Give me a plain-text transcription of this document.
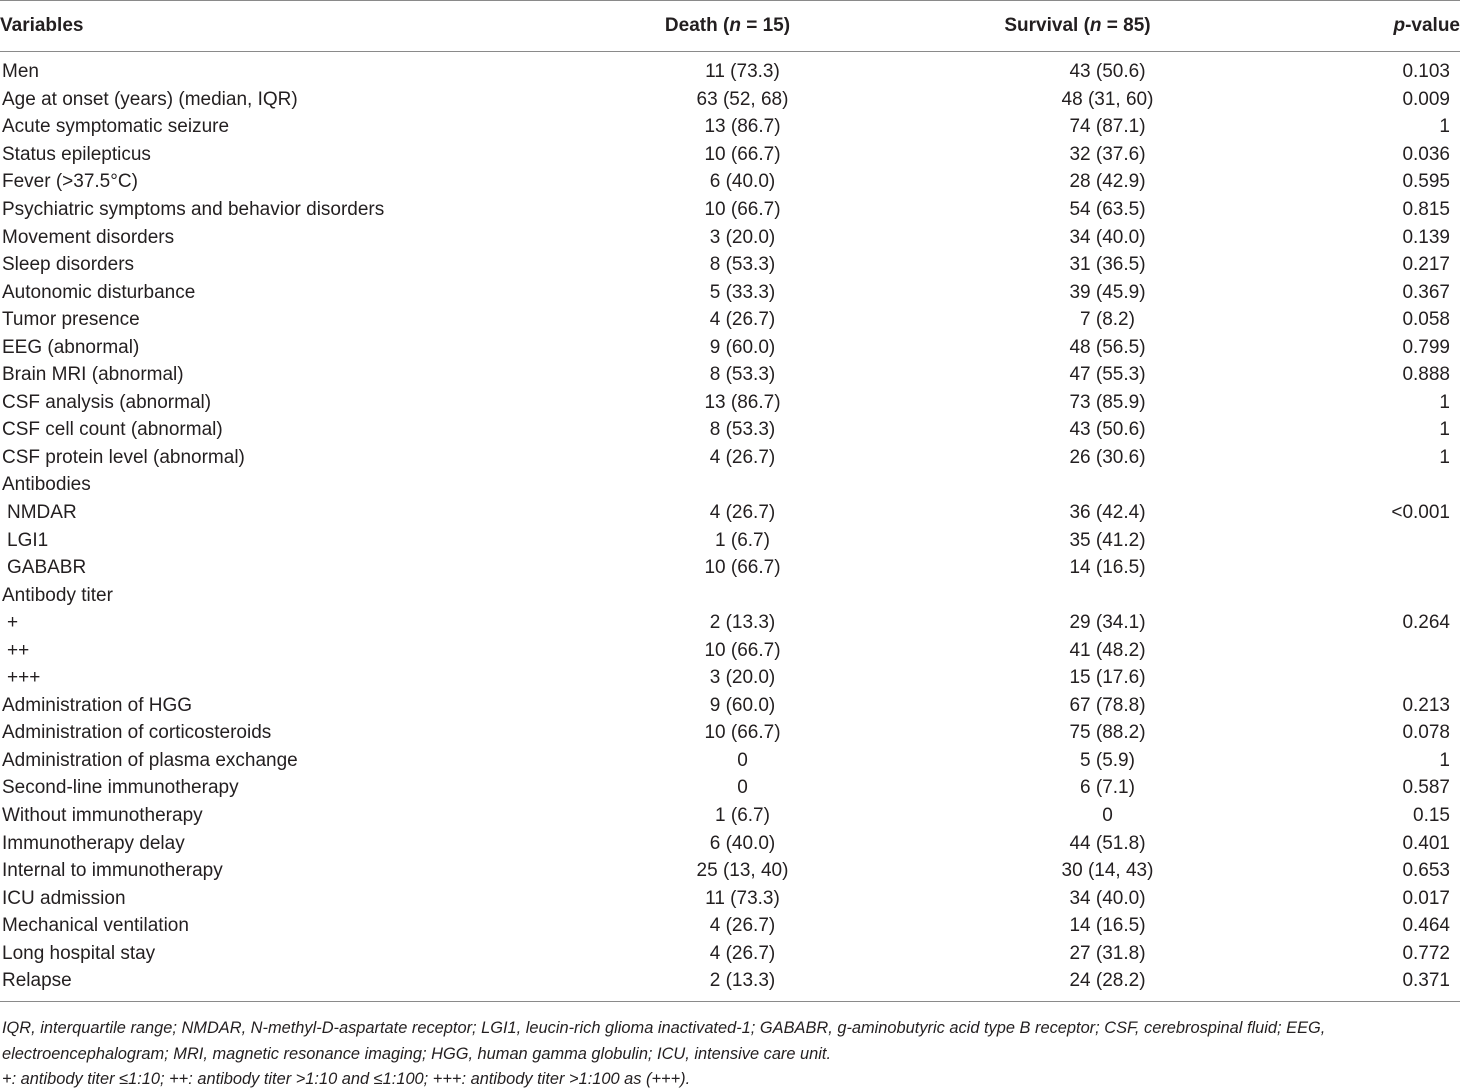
Variables	Death (n = 15)	Survival (n = 85)	p-value
Men	11 (73.3)	43 (50.6)	0.103
Age at onset (years) (median, IQR)	63 (52, 68)	48 (31, 60)	0.009
Acute symptomatic seizure	13 (86.7)	74 (87.1)	1
Status epilepticus	10 (66.7)	32 (37.6)	0.036
Fever (>37.5°C)	6 (40.0)	28 (42.9)	0.595
Psychiatric symptoms and behavior disorders	10 (66.7)	54 (63.5)	0.815
Movement disorders	3 (20.0)	34 (40.0)	0.139
Sleep disorders	8 (53.3)	31 (36.5)	0.217
Autonomic disturbance	5 (33.3)	39 (45.9)	0.367
Tumor presence	4 (26.7)	7 (8.2)	0.058
EEG (abnormal)	9 (60.0)	48 (56.5)	0.799
Brain MRI (abnormal)	8 (53.3)	47 (55.3)	0.888
CSF analysis (abnormal)	13 (86.7)	73 (85.9)	1
CSF cell count (abnormal)	8 (53.3)	43 (50.6)	1
CSF protein level (abnormal)	4 (26.7)	26 (30.6)	1
Antibodies			
NMDAR	4 (26.7)	36 (42.4)	<0.001
LGI1	1 (6.7)	35 (41.2)	
GABABR	10 (66.7)	14 (16.5)	
Antibody titer			
+	2 (13.3)	29 (34.1)	0.264
++	10 (66.7)	41 (48.2)	
+++	3 (20.0)	15 (17.6)	
Administration of HGG	9 (60.0)	67 (78.8)	0.213
Administration of corticosteroids	10 (66.7)	75 (88.2)	0.078
Administration of plasma exchange	0	5 (5.9)	1
Second-line immunotherapy	0	6 (7.1)	0.587
Without immunotherapy	1 (6.7)	0	0.15
Immunotherapy delay	6 (40.0)	44 (51.8)	0.401
Internal to immunotherapy	25 (13, 40)	30 (14, 43)	0.653
ICU admission	11 (73.3)	34 (40.0)	0.017
Mechanical ventilation	4 (26.7)	14 (16.5)	0.464
Long hospital stay	4 (26.7)	27 (31.8)	0.772
Relapse	2 (13.3)	24 (28.2)	0.371
IQR, interquartile range; NMDAR, N-methyl-D-aspartate receptor; LGI1, leucin-rich glioma inactivated-1; GABABR, g-aminobutyric acid type B receptor; CSF, cerebrospinal fluid; EEG, electroencephalogram; MRI, magnetic resonance imaging; HGG, human gamma globulin; ICU, intensive care unit.
+: antibody titer ≤1:10; ++: antibody titer >1:10 and ≤1:100; +++: antibody titer >1:100 as (+++).
